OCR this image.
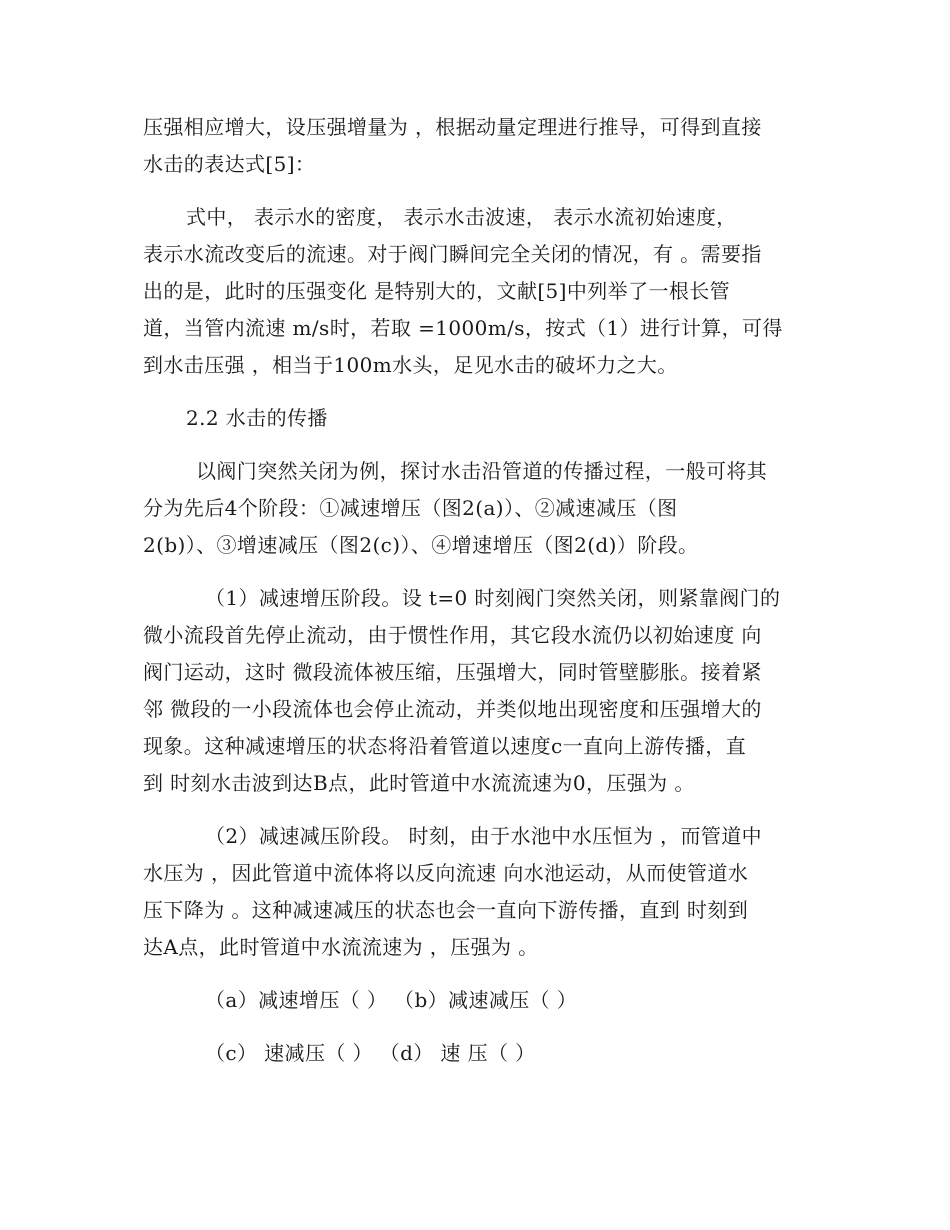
压强相应增大，设压强增量为 ，根据动量定理进行推导，可得到直接
水击的表达式[5]：
式中， 表示水的密度， 表示水击波速， 表示水流初始速度，
表示水流改变后的流速。对于阀门瞬间完全关闭的情况，有 。需要指
出的是，此时的压强变化 是特别大的，文献[5]中列举了一根长管
道，当管内流速 m/s时，若取 =1000m/s，按式（1）进行计算，可得
到水击压强 ，相当于100m水头，足见水击的破坏力之大。
2.2 水击的传播
以阀门突然关闭为例，探讨水击沿管道的传播过程，一般可将其
分为先后4个阶段：①减速增压（图2(a)）、②减速减压（图
2(b)）、③增速减压（图2(c)）、④增速增压（图2(d)）阶段。
（1）减速增压阶段。设 t=0 时刻阀门突然关闭，则紧靠阀门的
微小流段首先停止流动，由于惯性作用，其它段水流仍以初始速度 向
阀门运动，这时 微段流体被压缩，压强增大，同时管壁膨胀。接着紧
邻 微段的一小段流体也会停止流动，并类似地出现密度和压强增大的
现象。这种减速增压的状态将沿着管道以速度c一直向上游传播，直
到 时刻水击波到达B点，此时管道中水流流速为0，压强为 。
（2）减速减压阶段。 时刻，由于水池中水压恒为 ，而管道中
水压为 ，因此管道中流体将以反向流速 向水池运动，从而使管道水
压下降为 。这种减速减压的状态也会一直向下游传播，直到 时刻到
达A点，此时管道中水流流速为 ，压强为 。
（a）减速增压（ ） （b）减速减压（ ）
（c） 速减压（ ） （d） 速 压（ ）
